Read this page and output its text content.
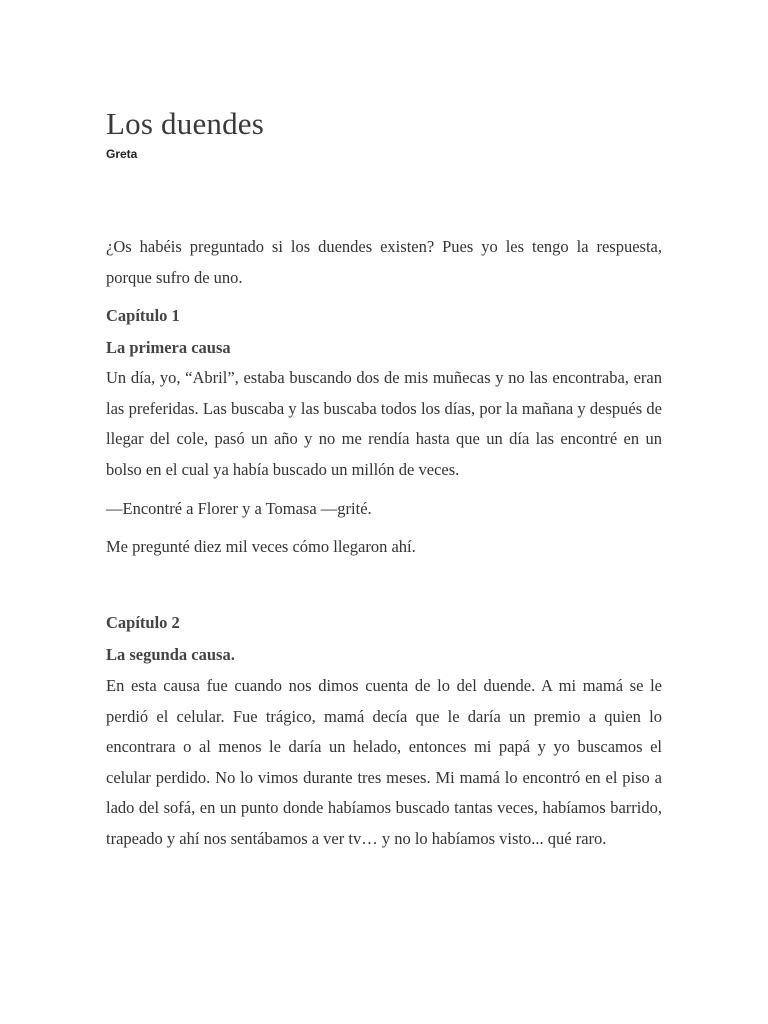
Los duendes
Greta

¿Os habéis preguntado si los duendes existen? Pues yo les tengo la respuesta, porque sufro de uno.

Capítulo 1
La primera causa

Un día, yo, “Abril”, estaba buscando dos de mis muñecas y no las encontraba, eran las preferidas. Las buscaba y las buscaba todos los días, por la mañana y después de llegar del cole, pasó un año y no me rendía hasta que un día las encontré en un bolso en el cual ya había buscado un millón de veces.

—Encontré a Florer y a Tomasa —grité.
Me pregunté diez mil veces cómo llegaron ahí.
Capítulo 2
La segunda causa.

En esta causa fue cuando nos dimos cuenta de lo del duende. A mi mamá se le perdió el celular. Fue trágico, mamá decía que le daría un premio a quien lo encontrara o al menos le daría un helado, entonces mi papá y yo buscamos el celular perdido. No lo vimos durante tres meses. Mi mamá lo encontró en el piso a lado del sofá, en un punto donde habíamos buscado tantas veces, habíamos barrido, trapeado y ahí nos sentábamos a ver tv… y no lo habíamos visto... qué raro.
